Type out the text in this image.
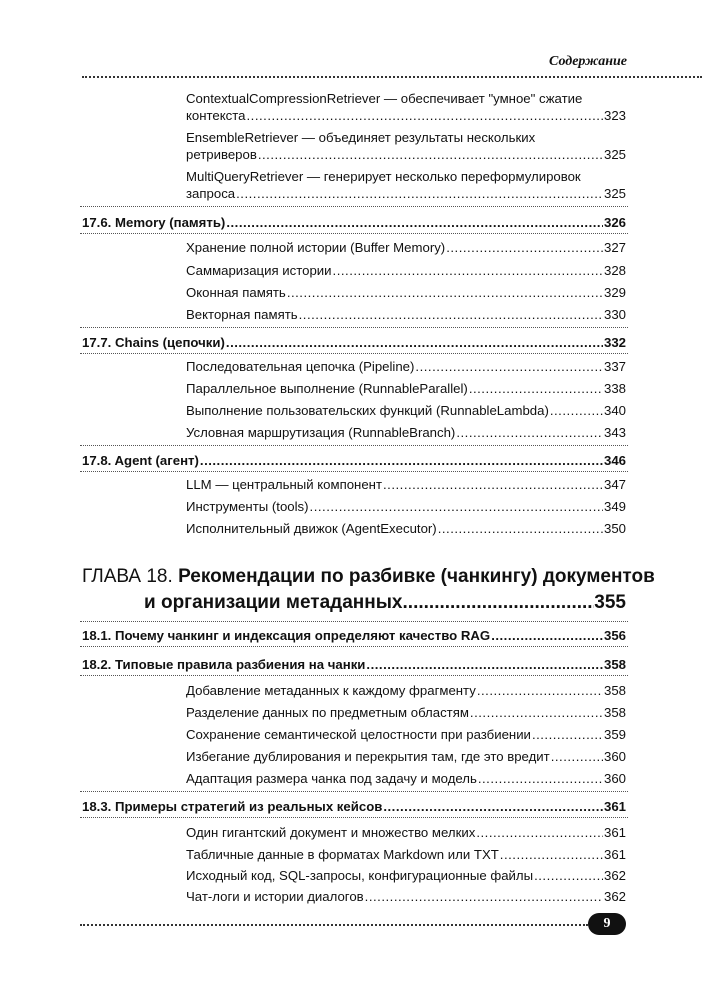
Содержание
ContextualCompressionRetriever — обеспечивает "умное" сжатие
контекста .....	323
EnsembleRetriever — объединяет результаты нескольких
ретриверов .....	325
MultiQueryRetriever — генерирует несколько переформулировок
запроса .....	325
17.6. Memory (память) .....	326
Хранение полной истории (Buffer Memory) .....	327
Саммаризация истории .....	328
Оконная память .....	329
Векторная память .....	330
17.7. Chains (цепочки) .....	332
Последовательная цепочка (Pipeline) .....	337
Параллельное выполнение (RunnableParallel) .....	338
Выполнение пользовательских функций (RunnableLambda) .....	340
Условная маршрутизация (RunnableBranch) .....	343
17.8. Agent (агент) .....	346
LLM — центральный компонент .....	347
Инструменты (tools) .....	349
Исполнительный движок (AgentExecutor) .....	350
ГЛАВА 18. Рекомендации по разбивке (чанкингу) документов
и организации метаданных .....	355
18.1. Почему чанкинг и индексация определяют качество RAG .....	356
18.2. Типовые правила разбиения на чанки .....	358
Добавление метаданных к каждому фрагменту .....	358
Разделение данных по предметным областям .....	358
Сохранение семантической целостности при разбиении .....	359
Избегание дублирования и перекрытия там, где это вредит .....	360
Адаптация размера чанка под задачу и модель .....	360
18.3. Примеры стратегий из реальных кейсов .....	361
Один гигантский документ и множество мелких .....	361
Табличные данные в форматах Markdown или TXT .....	361
Исходный код, SQL-запросы, конфигурационные файлы .....	362
Чат-логи и истории диалогов .....	362
9
